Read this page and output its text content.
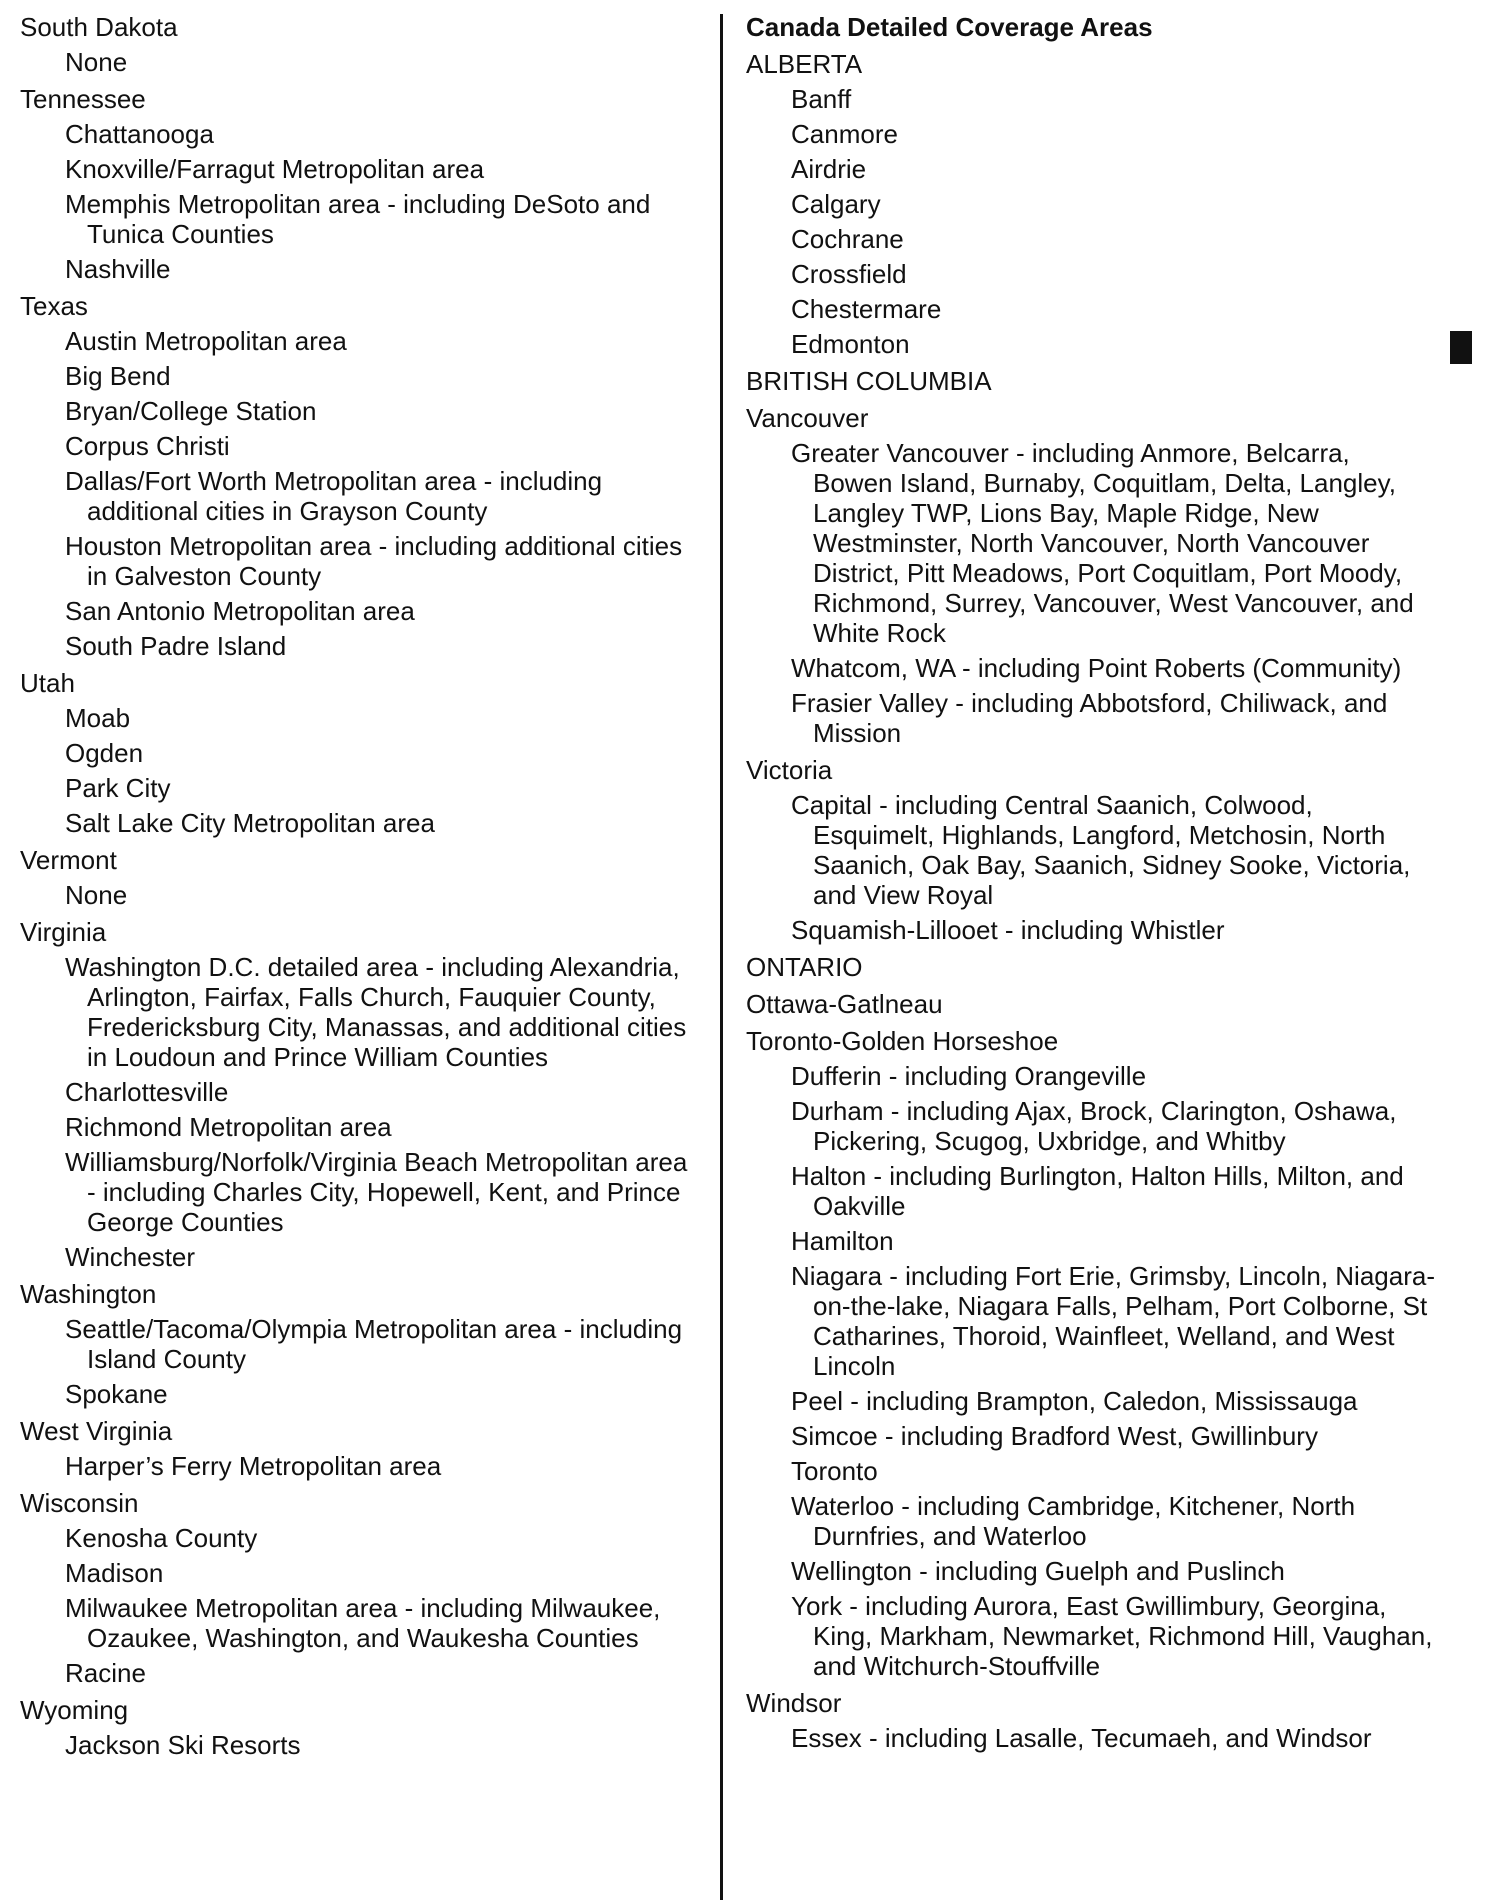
South Dakota
None
Tennessee
Chattanooga
Knoxville/Farragut Metropolitan area
Memphis Metropolitan area - including DeSoto and Tunica Counties
Nashville
Texas
Austin Metropolitan area
Big Bend
Bryan/College Station
Corpus Christi
Dallas/Fort Worth Metropolitan area - including additional cities in Grayson County
Houston Metropolitan area - including additional cities in Galveston County
San Antonio Metropolitan area
South Padre Island
Utah
Moab
Ogden
Park City
Salt Lake City Metropolitan area
Vermont
None
Virginia
Washington D.C. detailed area - including Alexandria, Arlington, Fairfax, Falls Church, Fauquier County, Fredericksburg City, Manassas, and additional cities in Loudoun and Prince William Counties
Charlottesville
Richmond Metropolitan area
Williamsburg/Norfolk/Virginia Beach Metropolitan area - including Charles City, Hopewell, Kent, and Prince George Counties
Winchester
Washington
Seattle/Tacoma/Olympia Metropolitan area - including Island County
Spokane
West Virginia
Harper’s Ferry Metropolitan area
Wisconsin
Kenosha County
Madison
Milwaukee Metropolitan area - including Milwaukee, Ozaukee, Washington, and Waukesha Counties
Racine
Wyoming
Jackson Ski Resorts
Canada Detailed Coverage Areas
ALBERTA
Banff
Canmore
Airdrie
Calgary
Cochrane
Crossfield
Chestermare
Edmonton
BRITISH COLUMBIA
Vancouver
Greater Vancouver - including Anmore, Belcarra, Bowen Island, Burnaby, Coquitlam, Delta, Langley, Langley TWP, Lions Bay, Maple Ridge, New Westminster, North Vancouver, North Vancouver District, Pitt Meadows, Port Coquitlam, Port Moody, Richmond, Surrey, Vancouver, West Vancouver, and White Rock
Whatcom, WA - including Point Roberts (Community)
Frasier Valley - including Abbotsford, Chiliwack, and Mission
Victoria
Capital - including Central Saanich, Colwood, Esquimelt, Highlands, Langford, Metchosin, North Saanich, Oak Bay, Saanich, Sidney Sooke, Victoria, and View Royal
Squamish-Lillooet - including Whistler
ONTARIO
Ottawa-Gatlneau
Toronto-Golden Horseshoe
Dufferin - including Orangeville
Durham - including Ajax, Brock, Clarington, Oshawa, Pickering, Scugog, Uxbridge, and Whitby
Halton - including Burlington, Halton Hills, Milton, and Oakville
Hamilton
Niagara - including Fort Erie, Grimsby, Lincoln, Niagara-on-the-lake, Niagara Falls, Pelham, Port Colborne, St Catharines, Thoroid, Wainfleet, Welland, and West Lincoln
Peel - including Brampton, Caledon, Mississauga
Simcoe - including Bradford West, Gwillinbury
Toronto
Waterloo - including Cambridge, Kitchener, North Durnfries, and Waterloo
Wellington - including Guelph and Puslinch
York - including Aurora, East Gwillimbury, Georgina, King, Markham, Newmarket, Richmond Hill, Vaughan, and Witchurch-Stouffville
Windsor
Essex - including Lasalle, Tecumaeh, and Windsor
